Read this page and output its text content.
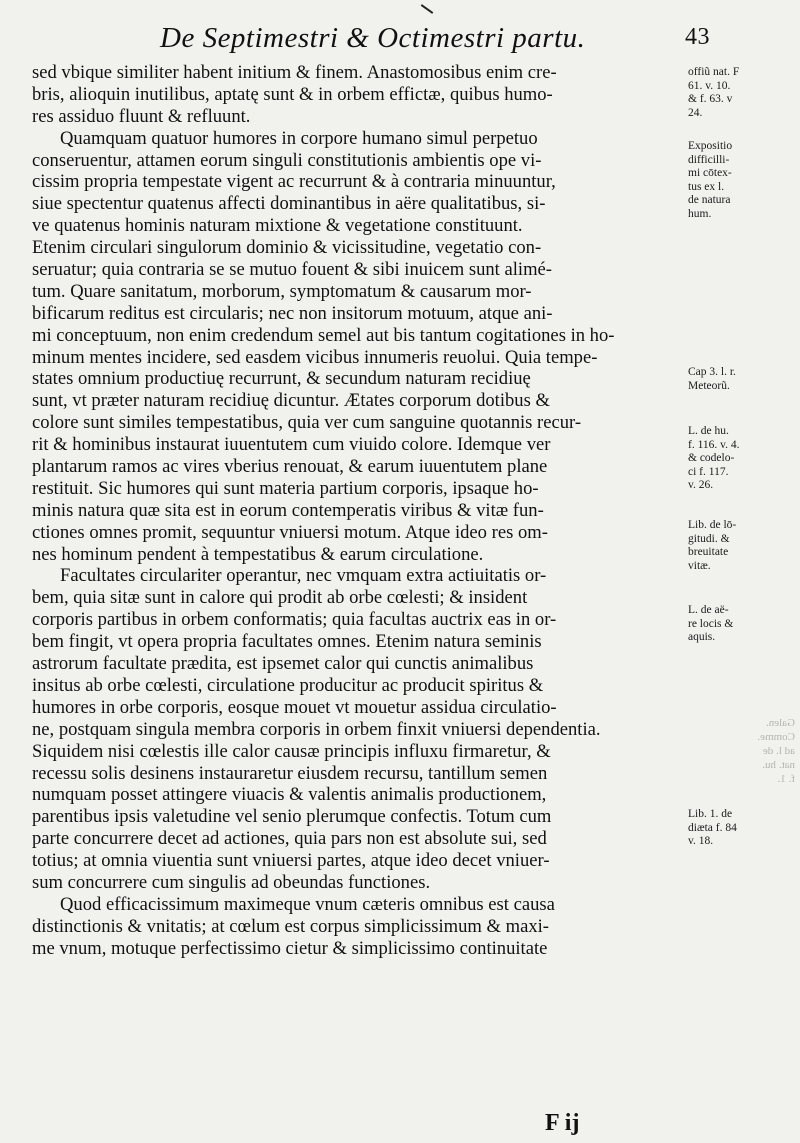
De Septimestri & Octimestri partu.	43
sed vbique similiter habent initium & finem. Anastomosibus enim cre-
bris, alioquin inutilibus, aptatę sunt & in orbem effictæ, quibus humo-
res assiduo fluunt & refluunt.
Quamquam quatuor humores in corpore humano simul perpetuo
conseruentur, attamen eorum singuli constitutionis ambientis ope vi-
cissim propria tempestate vigent ac recurrunt & à contraria minuuntur,
siue spectentur quatenus affecti dominantibus in aëre qualitatibus, si-
ve quatenus hominis naturam mixtione & vegetatione constituunt.
Etenim circulari singulorum dominio & vicissitudine, vegetatio con-
seruatur; quia contraria se se mutuo fouent & sibi inuicem sunt alimé-
tum. Quare sanitatum, morborum, symptomatum & causarum mor-
bificarum reditus est circularis; nec non insitorum motuum, atque ani-
mi conceptuum, non enim credendum semel aut bis tantum cogitationes in ho-
minum mentes incidere, sed easdem vicibus innumeris reuolui. Quia tempe-
states omnium productiuę recurrunt, & secundum naturam recidiuę
sunt, vt præter naturam recidiuę dicuntur. Ætates corporum dotibus &
colore sunt similes tempestatibus, quia ver cum sanguine quotannis recur-
rit & hominibus instaurat iuuentutem cum viuido colore. Idemque ver
plantarum ramos ac vires vberius renouat, & earum iuuentutem plane
restituit. Sic humores qui sunt materia partium corporis, ipsaque ho-
minis natura quæ sita est in eorum contemperatis viribus & vitæ fun-
ctiones omnes promit, sequuntur vniuersi motum. Atque ideo res om-
nes hominum pendent à tempestatibus & earum circulatione.
Facultates circulariter operantur, nec vmquam extra actiuitatis or-
bem, quia sitæ sunt in calore qui prodit ab orbe cœlesti; & insident
corporis partibus in orbem conformatis; quia facultas auctrix eas in or-
bem fingit, vt opera propria facultates omnes. Etenim natura seminis
astrorum facultate prædita, est ipsemet calor qui cunctis animalibus
insitus ab orbe cœlesti, circulatione producitur ac producit spiritus &
humores in orbe corporis, eosque mouet vt mouetur assidua circulatio-
ne, postquam singula membra corporis in orbem finxit vniuersi dependentia.
Siquidem nisi cœlestis ille calor causæ principis influxu firmaretur, &
recessu solis desinens instauraretur eiusdem recursu, tantillum semen
numquam posset attingere viuacis & valentis animalis productionem,
parentibus ipsis valetudine vel senio plerumque confectis. Totum cum
parte concurrere decet ad actiones, quia pars non est absolute sui, sed
totius; at omnia viuentia sunt vniuersi partes, atque ideo decet vniuer-
sum concurrere cum singulis ad obeundas functiones.
Quod efficacissimum maximeque vnum cæteris omnibus est causa
distinctionis & vnitatis; at cœlum est corpus simplicissimum & maxi-
me vnum, motuque perfectissimo cietur & simplicissimo continuitate
offiũ nat. F
61. v. 10.
& f. 63. v
24.
Expositio
difficilli-
mi cōtex-
tus ex l.
de natura
hum.
Cap 3. l. r.
Meteorũ.
L. de hu.
f. 116. v. 4.
& codelo-
ci f. 117.
v. 26.
Lib. de lō-
gitudi. &
breuitate
vitæ.
L. de aë-
re locis &
aquis.
Lib. 1. de
diæta f. 84
v. 18.
Galen.
Comme.
ad l. de
nat. hu.
f. 1.
F ij
